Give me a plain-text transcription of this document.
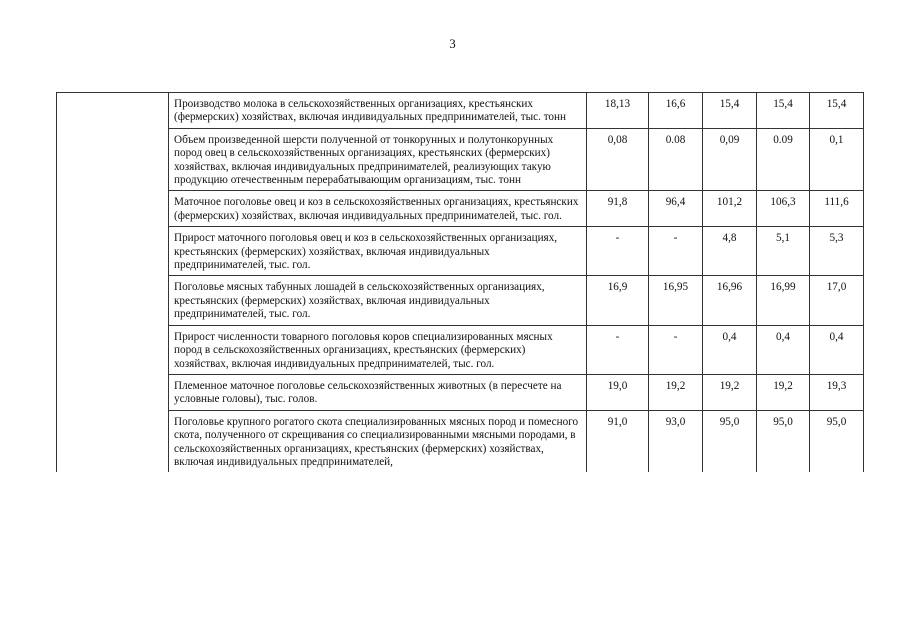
3
	Производство молока в сельскохозяйственных организациях, крестьянских (фермерских) хозяйствах, включая индивидуальных предпринимателей, тыс. тонн	18,13	16,6	15,4	15,4	15,4
	Объем произведенной шерсти полученной от тонкорунных и полутонкорунных пород овец в сельскохозяйственных организациях, крестьянских (фермерских) хозяйствах, включая индивидуальных предпринимателей, реализующих такую продукцию отечественным перерабатывающим организациям, тыс. тонн	0,08	0.08	0,09	0.09	0,1
	Маточное поголовье овец и коз в сельскохозяйственных организациях, крестьянских (фермерских) хозяйствах, включая индивидуальных предпринимателей, тыс. гол.	91,8	96,4	101,2	106,3	111,6
	Прирост маточного поголовья овец и коз в сельскохозяйственных организациях, крестьянских (фермерских) хозяйствах, включая индивидуальных предпринимателей, тыс. гол.	-	-	4,8	5,1	5,3
	Поголовье мясных табунных лошадей в сельскохозяйственных организациях, крестьянских (фермерских) хозяйствах, включая индивидуальных предпринимателей, тыс. гол.	16,9	16,95	16,96	16,99	17,0
	Прирост численности товарного поголовья коров специализированных мясных пород в сельскохозяйственных организациях, крестьянских (фермерских) хозяйствах, включая индивидуальных предпринимателей, тыс. гол.	-	-	0,4	0,4	0,4
	Племенное маточное поголовье сельскохозяйственных животных (в пересчете на условные головы), тыс. голов.	19,0	19,2	19,2	19,2	19,3
	Поголовье крупного рогатого скота специализированных мясных пород и помесного скота, полученного от скрещивания со специализированными мясными породами, в сельскохозяйственных организациях, крестьянских (фермерских) хозяйствах, включая индивидуальных предпринимателей,	91,0	93,0	95,0	95,0	95,0
